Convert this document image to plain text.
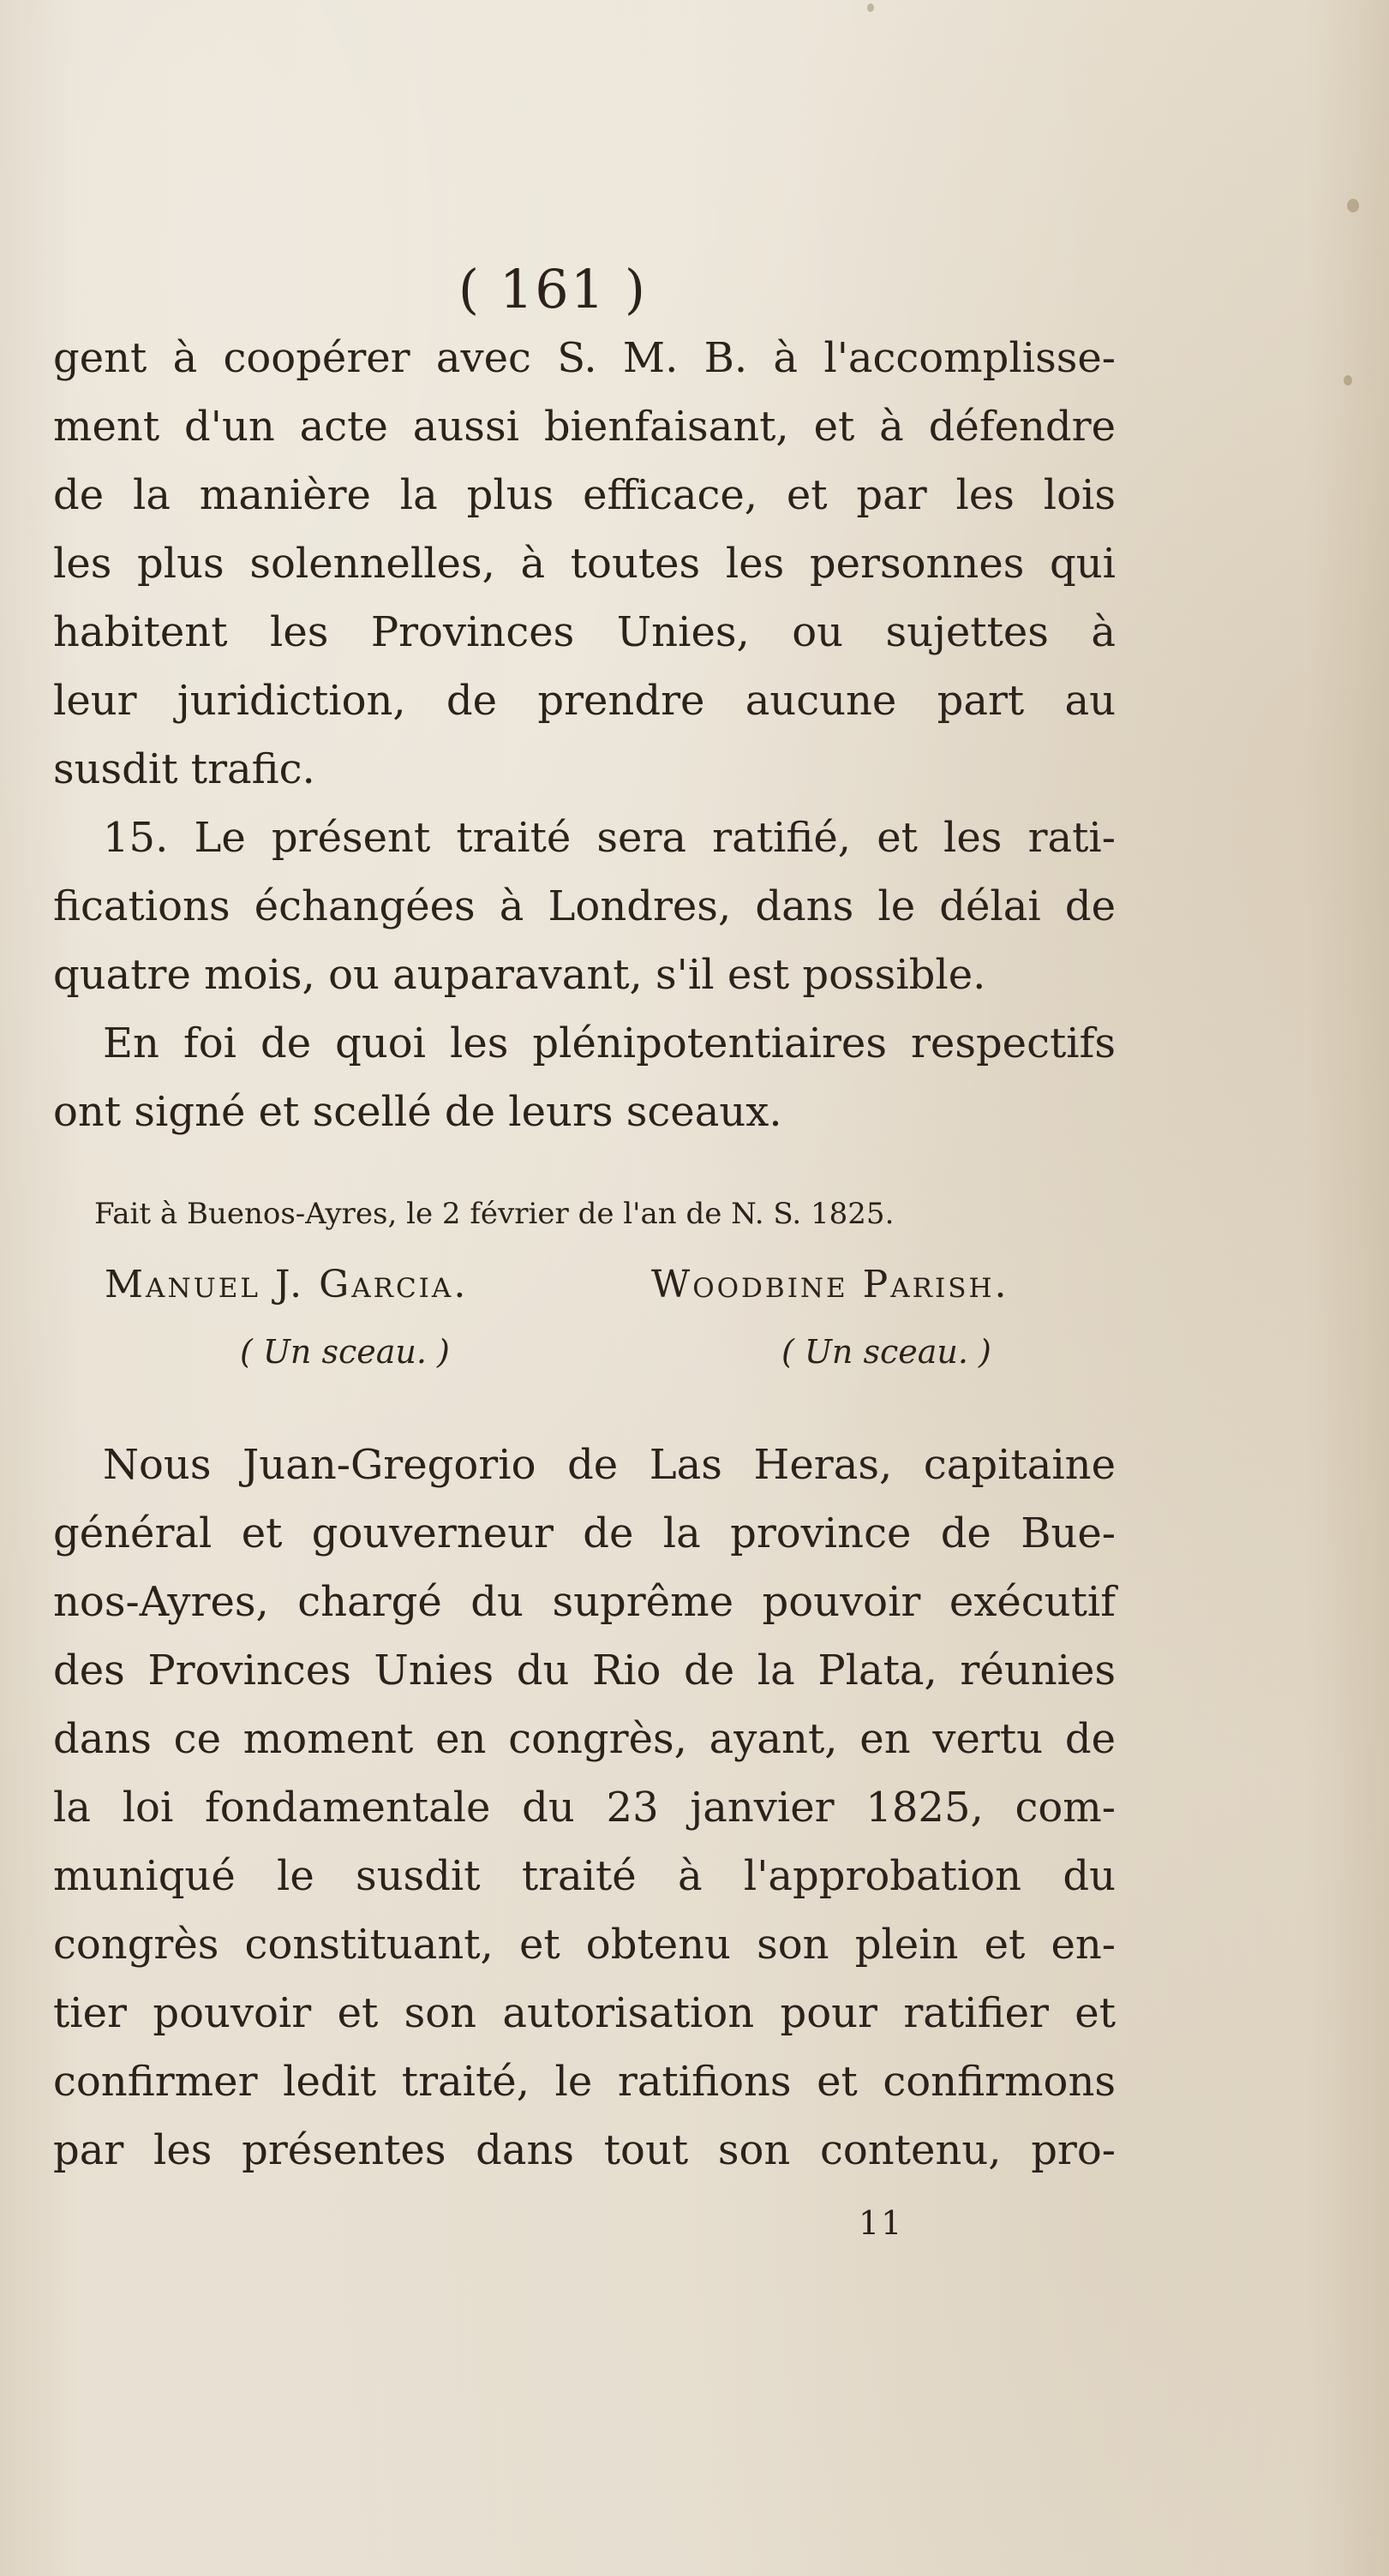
( 161 )
gent à coopérer avec S. M. B. à l'accomplisse-
ment d'un acte aussi bienfaisant, et à défendre
de la manière la plus efficace, et par les lois
les plus solennelles, à toutes les personnes qui
habitent les Provinces Unies, ou sujettes à
leur juridiction, de prendre aucune part au
susdit trafic.
15. Le présent traité sera ratifié, et les rati-
fications échangées à Londres, dans le délai de
quatre mois, ou auparavant, s'il est possible.
En foi de quoi les plénipotentiaires respectifs
ont signé et scellé de leurs sceaux.
Fait à Buenos-Ayres, le 2 février de l'an de N. S. 1825.
Manuel J. Garcia.	Woodbine Parish.
( Un sceau. )	( Un sceau. )
Nous Juan-Gregorio de Las Heras, capitaine
général et gouverneur de la province de Bue-
nos-Ayres, chargé du suprême pouvoir exécutif
des Provinces Unies du Rio de la Plata, réunies
dans ce moment en congrès, ayant, en vertu de
la loi fondamentale du 23 janvier 1825, com-
muniqué le susdit traité à l'approbation du
congrès constituant, et obtenu son plein et en-
tier pouvoir et son autorisation pour ratifier et
confirmer ledit traité, le ratifions et confirmons
par les présentes dans tout son contenu, pro-
11
